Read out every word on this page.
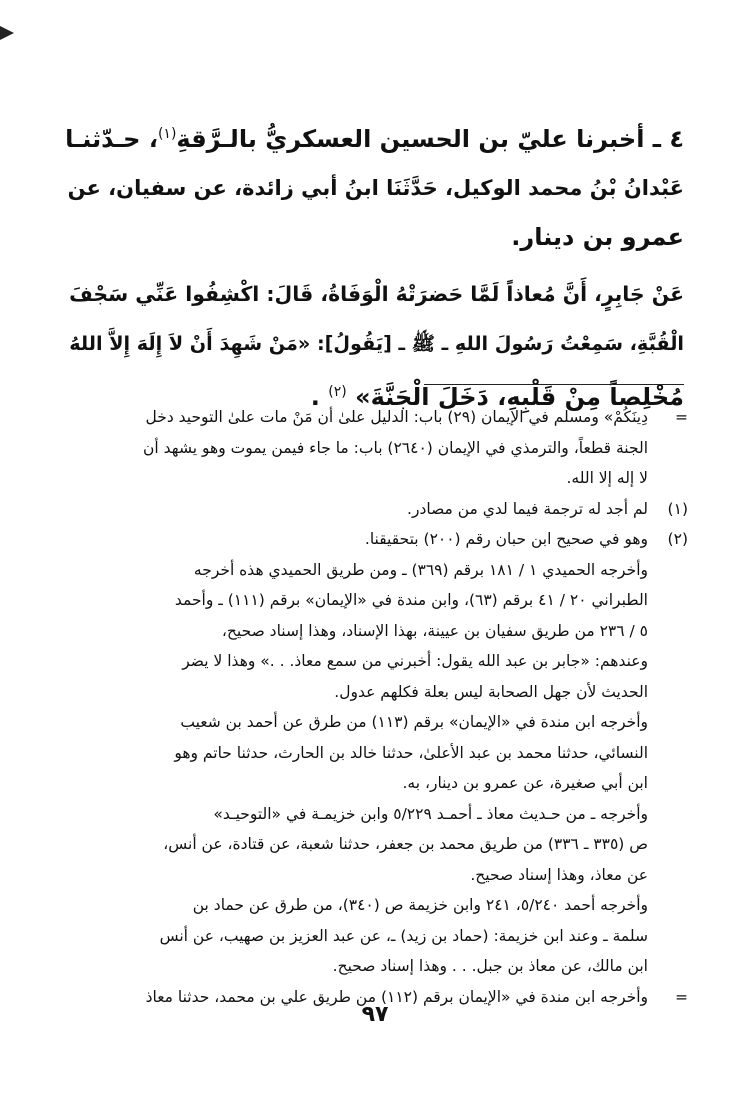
٤ ـ أخبرنا عليّ بن الحسين العسكريُّ بالـرَّقةِ$^{(١)}$، حـدّثنـا
عَبْدانُ بْنُ محمد الوكيل، حَدَّثَنَا ابنُ أبي زائدة، عن سفيان، عن
عمرو بن دينار.
عَنْ جَابِرٍ، أَنَّ مُعاذاً لَمَّا حَضرَتْهُ الْوَفَاةُ، قَالَ: اكْشِفُوا عَنِّي سَجْفَ
الْقُبَّةِ، سَمِعْتُ رَسُولَ اللهِ ـ ﷺ ـ [يَقُولُ]: «مَنْ شَهِدَ أَنْ لاَ إِلَهَ إِلاَّ اللهُ
مُخْلِصاً مِنْ قَلْبِهِ، دَخَلَ الْجَنَّةَ» $^{(٢)}$ .
=
دِينَكُمْ» ومسلم في الإيمان (٢٩) باب: الدليل علىٰ أن مَنْ مات علىٰ التوحيد دخل
الجنة قطعاً، والترمذي في الإيمان (٢٦٤٠) باب: ما جاء فيمن يموت وهو يشهد أن
لا إله إلا الله.
(١)
لم أجد له ترجمة فيما لدي من مصادر.
(٢)
وهو في صحيح ابن حبان رقم (٢٠٠) بتحقيقنا.
وأخرجه الحميدي ١ / ١٨١ برقم (٣٦٩) ـ ومن طريق الحميدي هذه أخرجه
الطبراني ٢٠ / ٤١ برقم (٦٣)، وابن مندة في «الإيمان» برقم (١١١) ـ وأحمد
٥ / ٢٣٦ من طريق سفيان بن عيينة، بهذا الإسناد، وهذا إسناد صحيح،
وعندهم: «جابر بن عبد الله يقول: أخبرني من سمع معاذ. . .» وهذا لا يضر
الحديث لأن جهل الصحابة ليس بعلة فكلهم عدول.
وأخرجه ابن مندة في «الإيمان» برقم (١١٣) من طرق عن أحمد بن شعيب
النسائي، حدثنا محمد بن عبد الأعلىٰ، حدثنا خالد بن الحارث، حدثنا حاتم وهو
ابن أبي صغيرة، عن عمرو بن دينار، به.
وأخرجه ـ من حـديث معاذ ـ أحمـد ٥/٢٢٩ وابن خزيمـة في «التوحيـد»
ص (٣٣٥ ـ ٣٣٦) من طريق محمد بن جعفر، حدثنا شعبة، عن قتادة، عن أنس،
عن معاذ، وهذا إسناد صحيح.
وأخرجه أحمد ٥/٢٤٠، ٢٤١ وابن خزيمة ص (٣٤٠)، من طرق عن حماد بن
سلمة ـ وعند ابن خزيمة: (حماد بن زيد) ـ، عن عبد العزيز بن صهيب، عن أنس
ابن مالك، عن معاذ بن جبل. . . وهذا إسناد صحيح.
=
وأخرجه ابن مندة في «الإيمان برقم (١١٢) من طريق علي بن محمد، حدثنا معاذ
٩٧
